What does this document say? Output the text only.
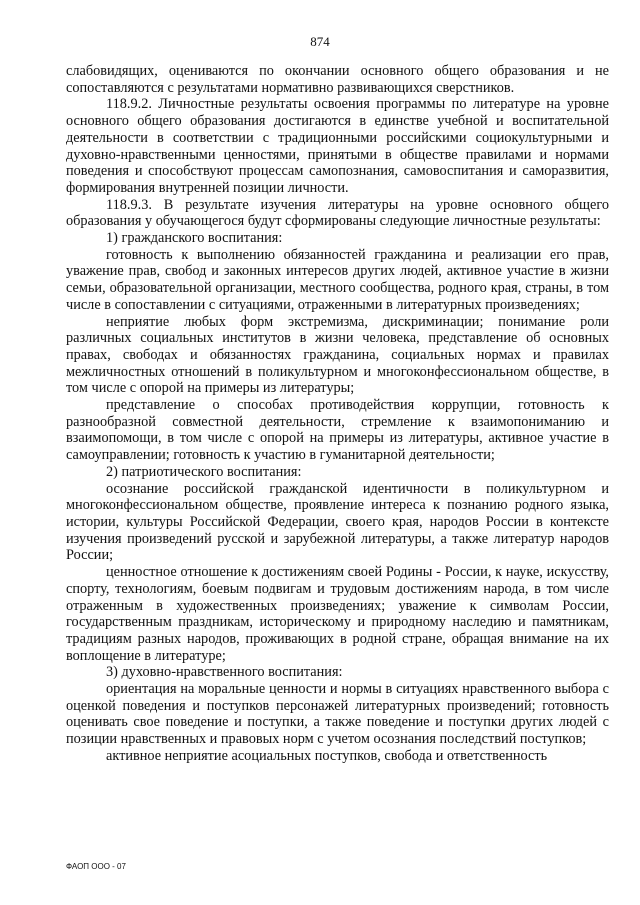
874

слабовидящих, оцениваются по окончании основного общего образования и не сопоставляются с результатами нормативно развивающихся сверстников.

118.9.2. Личностные результаты освоения программы по литературе на уровне основного общего образования достигаются в единстве учебной и воспитательной деятельности в соответствии с традиционными российскими социокультурными и духовно-нравственными ценностями, принятыми в обществе правилами и нормами поведения и способствуют процессам самопознания, самовоспитания и саморазвития, формирования внутренней позиции личности.

118.9.3. В результате изучения литературы на уровне основного общего образования у обучающегося будут сформированы следующие личностные результаты:

1) гражданского воспитания:

готовность к выполнению обязанностей гражданина и реализации его прав, уважение прав, свобод и законных интересов других людей, активное участие в жизни семьи, образовательной организации, местного сообщества, родного края, страны, в том числе в сопоставлении с ситуациями, отраженными в литературных произведениях;

неприятие любых форм экстремизма, дискриминации; понимание роли различных социальных институтов в жизни человека, представление об основных правах, свободах и обязанностях гражданина, социальных нормах и правилах межличностных отношений в поликультурном и многоконфессиональном обществе, в том числе с опорой на примеры из литературы;

представление о способах противодействия коррупции, готовность к разнообразной совместной деятельности, стремление к взаимопониманию и взаимопомощи, в том числе с опорой на примеры из литературы, активное участие в самоуправлении; готовность к участию в гуманитарной деятельности;

2) патриотического воспитания:

осознание российской гражданской идентичности в поликультурном и многоконфессиональном обществе, проявление интереса к познанию родного языка, истории, культуры Российской Федерации, своего края, народов России в контексте изучения произведений русской и зарубежной литературы, а также литератур народов России;

ценностное отношение к достижениям своей Родины - России, к науке, искусству, спорту, технологиям, боевым подвигам и трудовым достижениям народа, в том числе отраженным в художественных произведениях; уважение к символам России, государственным праздникам, историческому и природному наследию и памятникам, традициям разных народов, проживающих в родной стране, обращая внимание на их воплощение в литературе;

3) духовно-нравственного воспитания:

ориентация на моральные ценности и нормы в ситуациях нравственного выбора с оценкой поведения и поступков персонажей литературных произведений; готовность оценивать свое поведение и поступки, а также поведение и поступки других людей с позиции нравственных и правовых норм с учетом осознания последствий поступков;

активное неприятие асоциальных поступков, свобода и ответственность

ФАОП ООО - 07
